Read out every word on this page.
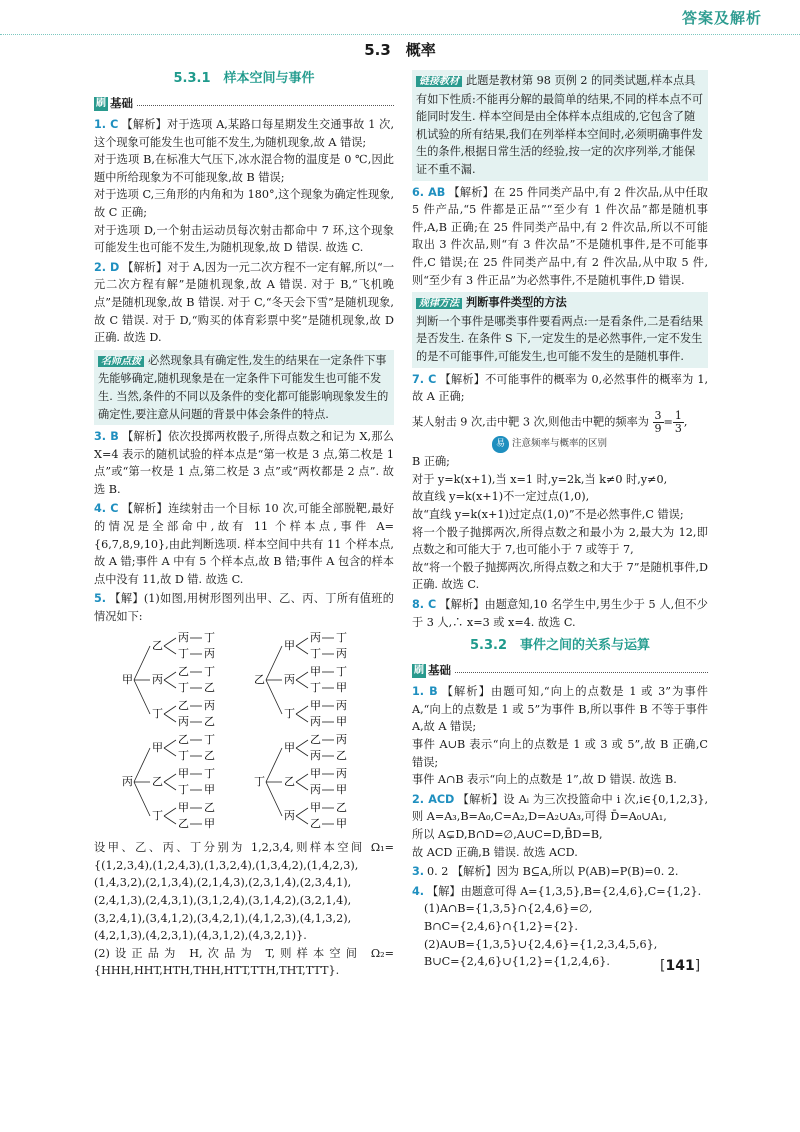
答案及解析
5.3　概率
5.3.1　样本空间与事件
刷 基础

1. C 【解析】对于选项 A,某路口每星期发生交通事故 1 次,这个现象可能发生也可能不发生,为随机现象,故 A 错误;

对于选项 B,在标准大气压下,冰水混合物的温度是 0 ℃,因此题中所给现象为不可能现象,故 B 错误;

对于选项 C,三角形的内角和为 180°,这个现象为确定性现象,故 C 正确;

对于选项 D,一个射击运动员每次射击都命中 7 环,这个现象可能发生也可能不发生,为随机现象,故 D 错误. 故选 C.

2. D 【解析】对于 A,因为一元二次方程不一定有解,所以“一元二次方程有解”是随机现象,故 A 错误. 对于 B,“飞机晚点”是随机现象,故 B 错误. 对于 C,“冬天会下雪”是随机现象,故 C 错误. 对于 D,“购买的体育彩票中奖”是随机现象,故 D 正确. 故选 D.

名师点拨 必然现象具有确定性,发生的结果在一定条件下事先能够确定,随机现象是在一定条件下可能发生也可能不发生. 当然,条件的不同以及条件的变化都可能影响现象发生的确定性,要注意从问题的背景中体会条件的特点.

3. B 【解析】依次投掷两枚骰子,所得点数之和记为 X,那么 X=4 表示的随机试验的样本点是“第一枚是 3 点,第二枚是 1 点”或“第一枚是 1 点,第二枚是 3 点”或“两枚都是 2 点”. 故选 B.

4. C 【解析】连续射击一个目标 10 次,可能全部脱靶,最好的情况是全部命中,故有 11 个样本点,事件 A={6,7,8,9,10},由此判断选项. 样本空间中共有 11 个样本点,故 A 错;事件 A 中有 5 个样本点,故 B 错;事件 A 包含的样本点中没有 11,故 D 错. 故选 C.

5. 【解】(1)如图,用树形图列出甲、乙、丙、丁所有值班的情况如下:

甲
乙
丙 丁
丁 丙
丙
乙 丁
丁 乙
丁
乙 丙
丙 乙
乙
甲
丙 丁
丁 丙
丙
甲 丁
丁 甲
丁
甲 丙
丙 甲
丙
甲
乙 丁
丁 乙
乙
甲 丁
丁 甲
丁
甲 乙
乙 甲
丁
甲
乙 丙
丙 乙
乙
甲 丙
丙 甲
丙
甲 乙
乙 甲

设甲、乙、丙、丁分别为 1,2,3,4,则样本空间 Ω₁={(1,2,3,4),(1,2,4,3),(1,3,2,4),(1,3,4,2),(1,4,2,3),(1,4,3,2),(2,1,3,4),(2,1,4,3),(2,3,1,4),(2,3,4,1),(2,4,1,3),(2,4,3,1),(3,1,2,4),(3,1,4,2),(3,2,1,4),(3,2,4,1),(3,4,1,2),(3,4,2,1),(4,1,2,3),(4,1,3,2),(4,2,1,3),(4,2,3,1),(4,3,1,2),(4,3,2,1)}.

(2)设正品为 H,次品为 T,则样本空间 Ω₂={HHH,HHT,HTH,THH,HTT,TTH,THT,TTT}.

链接教材 此题是教材第 98 页例 2 的同类试题,样本点具有如下性质:不能再分解的最简单的结果,不同的样本点不可能同时发生. 样本空间是由全体样本点组成的,它包含了随机试验的所有结果,我们在列举样本空间时,必须明确事件发生的条件,根据日常生活的经验,按一定的次序列举,才能保证不重不漏.

6. AB 【解析】在 25 件同类产品中,有 2 件次品,从中任取 5 件产品,“5 件都是正品”“至少有 1 件次品”都是随机事件,A,B 正确;在 25 件同类产品中,有 2 件次品,所以不可能取出 3 件次品,则“有 3 件次品”不是随机事件,是不可能事件,C 错误;在 25 件同类产品中,有 2 件次品,从中取 5 件,则“至少有 3 件正品”为必然事件,不是随机事件,D 错误.

规律方法 判断事件类型的方法

判断一个事件是哪类事件要看两点:一是看条件,二是看结果是否发生. 在条件 S 下,一定发生的是必然事件,一定不发生的是不可能事件,可能发生,也可能不发生的是随机事件.

7. C 【解析】不可能事件的概率为 0,必然事件的概率为 1,故 A 正确;

某人射击 9 次,击中靶 3 次,则他击中靶的频率为 $\frac{3}{9} = \frac{1}{3}$ ,

易 注意频率与概率的区别

B 正确;

对于 y=k(x+1),当 x=1 时,y=2k,当 k≠0 时,y≠0,

故直线 y=k(x+1)不一定过点(1,0),

故“直线 y=k(x+1)过定点(1,0)”不是必然事件,C 错误;

将一个骰子抛掷两次,所得点数之和最小为 2,最大为 12,即点数之和可能大于 7,也可能小于 7 或等于 7,

故“将一个骰子抛掷两次,所得点数之和大于 7”是随机事件,D 正确. 故选 C.

8. C 【解析】由题意知,10 名学生中,男生少于 5 人,但不少于 3 人,∴ x=3 或 x=4. 故选 C.

5.3.2　事件之间的关系与运算
刷 基础

1. B 【解析】由题可知,“向上的点数是 1 或 3”为事件 A,“向上的点数是 1 或 5”为事件 B,所以事件 B 不等于事件 A,故 A 错误;

事件 A∪B 表示“向上的点数是 1 或 3 或 5”,故 B 正确,C 错误;

事件 A∩B 表示“向上的点数是 1”,故 D 错误. 故选 B.

2. ACD 【解析】设 Aᵢ 为三次投篮命中 i 次,i∈{0,1,2,3},则 A=A₃,B=A₀,C=A₂,D=A₂∪A₃,可得 D̄=A₀∪A₁,

所以 A⊊D,B∩D=∅,A∪C=D,B̄D=B,

故 ACD 正确,B 错误. 故选 ACD.

3. 0. 2 【解析】因为 B⊆A,所以 P(AB)=P(B)=0. 2.

4. 【解】由题意可得 A={1,3,5},B={2,4,6},C={1,2}.

(1)A∩B={1,3,5}∩{2,4,6}=∅,

B∩C={2,4,6}∩{1,2}={2}.

(2)A∪B={1,3,5}∪{2,4,6}={1,2,3,4,5,6},

B∪C={2,4,6}∪{1,2}={1,2,4,6}.	[141]
